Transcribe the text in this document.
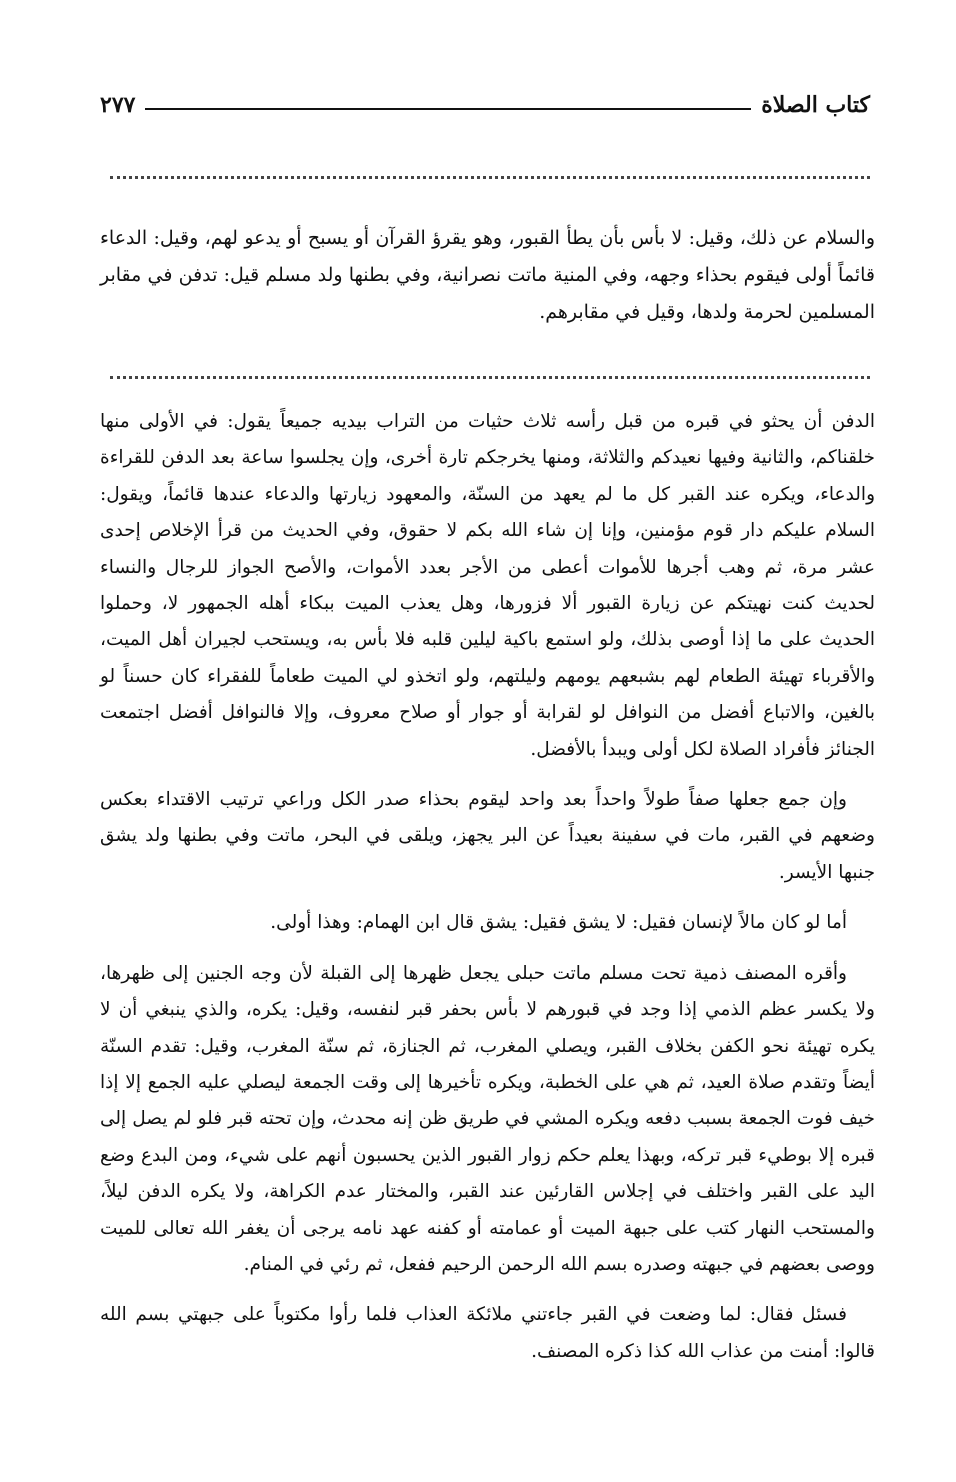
كتاب الصلاة
٢٧٧

والسلام عن ذلك، وقيل: لا بأس بأن يطأ القبور، وهو يقرؤ القرآن أو يسبح أو يدعو لهم، وقيل: الدعاء قائماً أولى فيقوم بحذاء وجهه، وفي المنية ماتت نصرانية، وفي بطنها ولد مسلم قيل: تدفن في مقابر المسلمين لحرمة ولدها، وقيل في مقابرهم.

الدفن أن يحثو في قبره من قبل رأسه ثلاث حثيات من التراب بيديه جميعاً يقول: في الأولى منها خلقناكم، والثانية وفيها نعيدكم والثلاثة، ومنها يخرجكم تارة أخرى، وإن يجلسوا ساعة بعد الدفن للقراءة والدعاء، ويكره عند القبر كل ما لم يعهد من السنّة، والمعهود زيارتها والدعاء عندها قائماً، ويقول: السلام عليكم دار قوم مؤمنين، وإنا إن شاء الله بكم لا حقوق، وفي الحديث من قرأ الإخلاص إحدى عشر مرة، ثم وهب أجرها للأموات أعطى من الأجر بعدد الأموات، والأصح الجواز للرجال والنساء لحديث كنت نهيتكم عن زيارة القبور ألا فزورها، وهل يعذب الميت ببكاء أهله الجمهور لا، وحملوا الحديث على ما إذا أوصى بذلك، ولو استمع باكية ليلين قلبه فلا بأس به، ويستحب لجيران أهل الميت، والأقرباء تهيئة الطعام لهم بشبعهم يومهم وليلتهم، ولو اتخذو لي الميت طعاماً للفقراء كان حسناً لو بالغين، والاتباع أفضل من النوافل لو لقرابة أو جوار أو صلاح معروف، وإلا فالنوافل أفضل اجتمعت الجنائز فأفراد الصلاة لكل أولى ويبدأ بالأفضل.

وإن جمع جعلها صفاً طولاً واحداً بعد واحد ليقوم بحذاء صدر الكل وراعي ترتيب الاقتداء بعكس وضعهم في القبر، مات في سفينة بعيداً عن البر يجهز، ويلقى في البحر، ماتت وفي بطنها ولد يشق جنبها الأيسر.

أما لو كان مالاً لإنسان فقيل: لا يشق فقيل: يشق قال ابن الهمام: وهذا أولى.

وأقره المصنف ذمية تحت مسلم ماتت حبلى يجعل ظهرها إلى القبلة لأن وجه الجنين إلى ظهرها، ولا يكسر عظم الذمي إذا وجد في قبورهم لا بأس بحفر قبر لنفسه، وقيل: يكره، والذي ينبغي أن لا يكره تهيئة نحو الكفن بخلاف القبر، ويصلي المغرب، ثم الجنازة، ثم سنّة المغرب، وقيل: تقدم السنّة أيضاً وتقدم صلاة العيد، ثم هي على الخطبة، ويكره تأخيرها إلى وقت الجمعة ليصلي عليه الجمع إلا إذا خيف فوت الجمعة بسبب دفعه ويكره المشي في طريق ظن إنه محدث، وإن تحته قبر فلو لم يصل إلى قبره إلا بوطيء قبر تركه، وبهذا يعلم حكم زوار القبور الذين يحسبون أنهم على شيء، ومن البدع وضع اليد على القبر واختلف في إجلاس القارئين عند القبر، والمختار عدم الكراهة، ولا يكره الدفن ليلاً، والمستحب النهار كتب على جبهة الميت أو عمامته أو كفنه عهد نامه يرجى أن يغفر الله تعالى للميت ووصى بعضهم في جبهته وصدره بسم الله الرحمن الرحيم ففعل، ثم رئي في المنام.

فسئل فقال: لما وضعت في القبر جاءتني ملائكة العذاب فلما رأوا مكتوباً على جبهتي بسم الله قالوا: أمنت من عذاب الله كذا ذكره المصنف.
